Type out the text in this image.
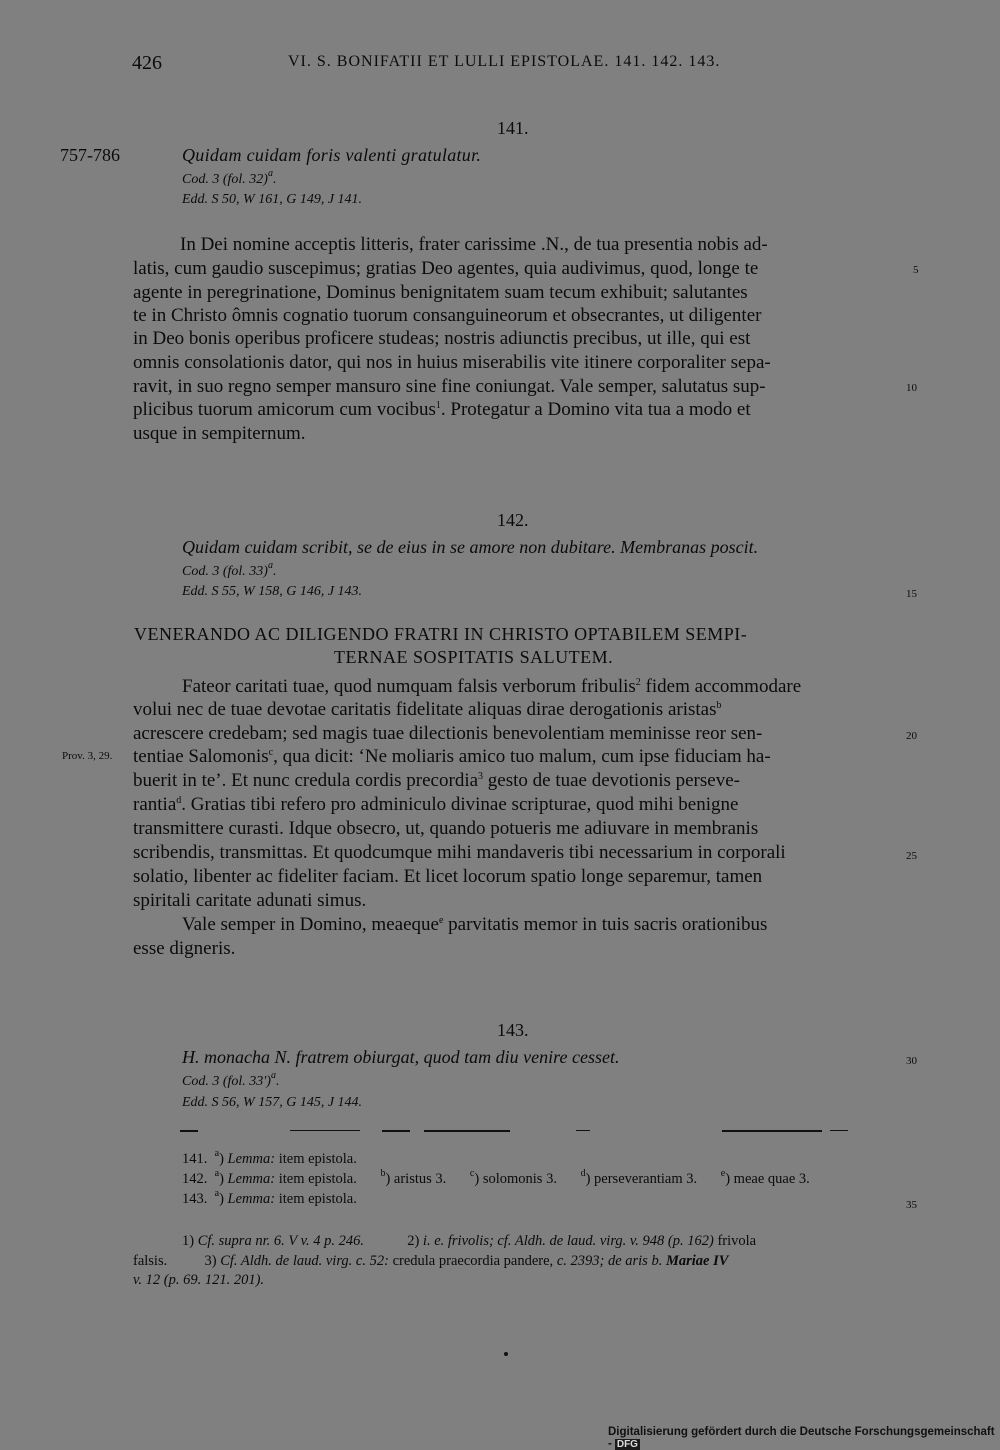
426	VI. S. BONIFATII ET LULLI EPISTOLAE. 141. 142. 143.
141.
757-786	Quidam cuidam foris valenti gratulatur.
Cod. 3 (fol. 32)$^a$.
Edd. S 50, W 161, G 149, J 141.
In Dei nomine acceptis litteris, frater carissime .N., de tua presentia nobis ad-
latis, cum gaudio suscepimus; gratias Deo agentes, quia audivimus, quod, longe te
agente in peregrinatione, Dominus benignitatem suam tecum exhibuit; salutantes
te in Christo ômnis cognatio tuorum consanguineorum et obsecrantes, ut diligenter
in Deo bonis operibus proficere studeas; nostris adiunctis precibus, ut ille, qui est
omnis consolationis dator, qui nos in huius miserabilis vite itinere corporaliter sepa-
ravit, in suo regno semper mansuro sine fine coniungat. Vale semper, salutatus sup-
plicibus tuorum amicorum cum vocibus$^1$. Protegatur a Domino vita tua a modo et
usque in sempiternum.
142.
Quidam cuidam scribit, se de eius in se amore non dubitare. Membranas poscit.
Cod. 3 (fol. 33)$^a$.
Edd. S 55, W 158, G 146, J 143.
VENERANDO AC DILIGENDO FRATRI IN CHRISTO OPTABILEM SEMPI-
TERNAE SOSPITATIS SALUTEM.
Prov. 3, 29.
Fateor caritati tuae, quod numquam falsis verborum fribulis$^2$ fidem accommodare
volui nec de tuae devotae caritatis fidelitate aliquas dirae derogationis aristas$^b$
acrescere credebam; sed magis tuae dilectionis benevolentiam meminisse reor sen-
tentiae Salomonis$^c$, qua dicit: ‘Ne moliaris amico tuo malum, cum ipse fiduciam ha-
buerit in te’. Et nunc credula cordis precordia$^3$ gesto de tuae devotionis perseve-
rantia$^d$. Gratias tibi refero pro adminiculo divinae scripturae, quod mihi benigne
transmittere curasti. Idque obsecro, ut, quando potueris me adiuvare in membranis
scribendis, transmittas. Et quodcumque mihi mandaveris tibi necessarium in corporali
solatio, libenter ac fideliter faciam. Et licet locorum spatio longe separemur, tamen
spiritali caritate adunati simus.
Vale semper in Domino, meaeque$^e$ parvitatis memor in tuis sacris orationibus
esse digneris.
143.
H. monacha N. fratrem obiurgat, quod tam diu venire cesset.
Cod. 3 (fol. 33')$^a$.
Edd. S 56, W 157, G 145, J 144.
5
10
15
20
25
30
35
141. $^a$) Lemma: item epistola.
142. $^a$) Lemma: item epistola. $^b$) aristus 3. $^c$) solomonis 3. $^d$) perseverantiam 3. $^e$) meae quae 3.
143. $^a$) Lemma: item epistola.
1) Cf. supra nr. 6. V v. 4 p. 246.	2) i. e. frivolis; cf. Aldh. de laud. virg. v. 948 (p. 162) frivola
falsis.	3) Cf. Aldh. de laud. virg. c. 52: credula praecordia pandere, c. 2393; de aris b. Mariae IV
v. 12 (p. 69. 121. 201).
Digitalisierung gefördert durch die Deutsche Forschungsgemeinschaft - DFG
